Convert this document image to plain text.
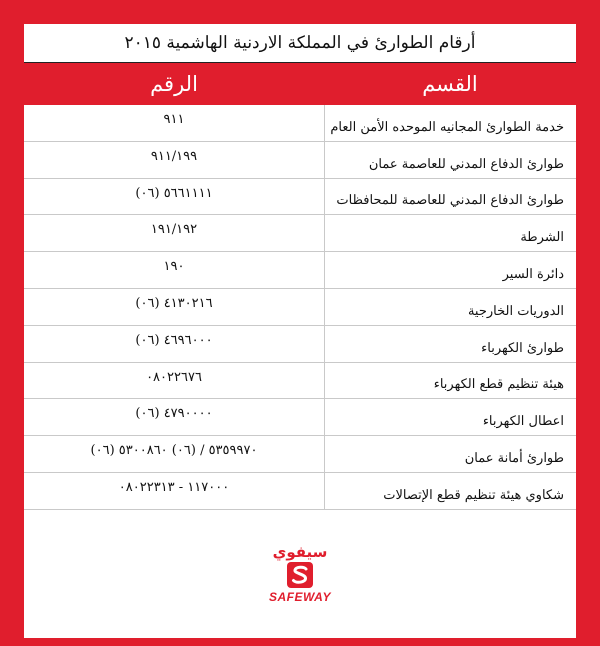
أرقام الطوارئ في المملكة الاردنية الهاشمية ٢٠١٥
القسم
الرقم
خدمة الطوارئ المجانيه الموحده الأمن العام
٩١١
طوارئ الدفاع المدني للعاصمة عمان
٩١١/١٩٩
طوارئ الدفاع المدني للعاصمة للمحافظات
٥٦٦١١١١ (٠٦)
الشرطة
١٩١/١٩٢
دائرة السير
١٩٠
الدوريات الخارجية
٤١٣٠٢١٦ (٠٦)
طوارئ الكهرباء
٤٦٩٦٠٠٠ (٠٦)
هيئة تنظيم قطع الكهرباء
٠٨٠٢٢٦٧٦
اعطال الكهرباء
٤٧٩٠٠٠٠ (٠٦)
طوارئ أمانة عمان
(٠٦) ٥٣٥٩٩٧٠ / (٠٦) ٥٣٠٠٨٦٠
شكاوي هيئة تنظيم قطع الإتصالات
١١٧٠٠٠ - ٠٨٠٢٢٣١٣
سيفوي
SAFEWAY
